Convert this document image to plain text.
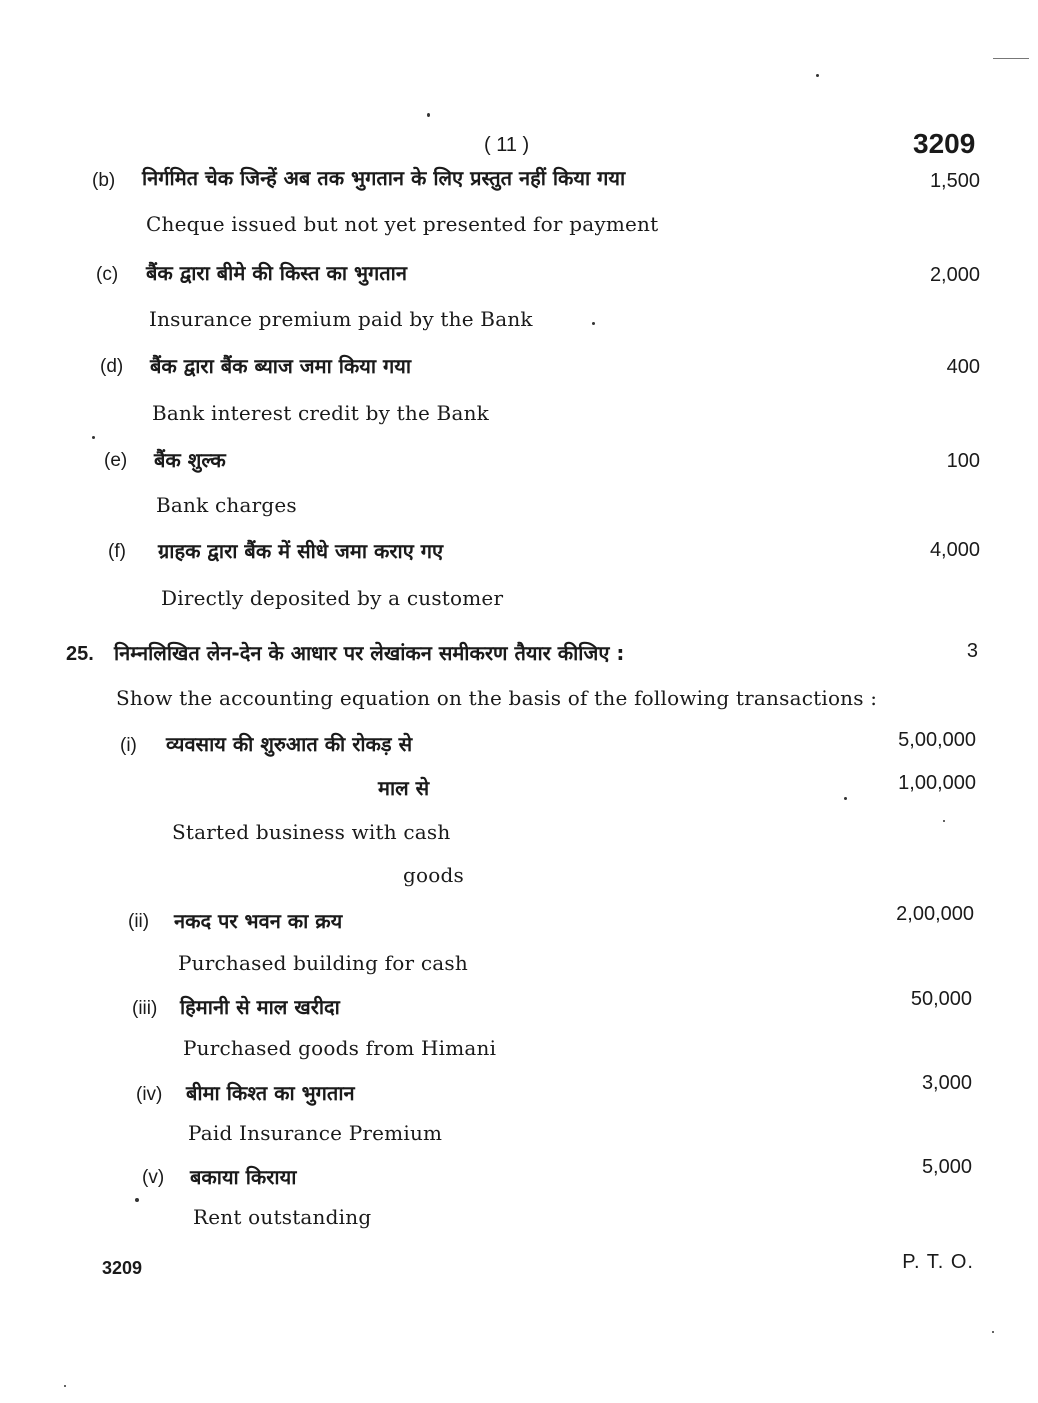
( 11 )	3209
(b) निर्गमित चेक जिन्हें अब तक भुगतान के लिए प्रस्तुत नहीं किया गया	1,500
Cheque issued but not yet presented for payment
(c) बैंक द्वारा बीमे की किस्त का भुगतान	2,000
Insurance premium paid by the Bank
(d) बैंक द्वारा बैंक ब्याज जमा किया गया	400
Bank interest credit by the Bank
(e) बैंक शुल्क	100
Bank charges
(f) ग्राहक द्वारा बैंक में सीधे जमा कराए गए	4,000
Directly deposited by a customer
25. निम्नलिखित लेन-देन के आधार पर लेखांकन समीकरण तैयार कीजिए :	3
Show the accounting equation on the basis of the following transactions :
(i) व्यवसाय की शुरुआत की रोकड़ से	5,00,000
माल से	1,00,000
Started business with cash
goods
(ii) नकद पर भवन का क्रय	2,00,000
Purchased building for cash
(iii) हिमानी से माल खरीदा	50,000
Purchased goods from Himani
(iv) बीमा किश्त का भुगतान	3,000
Paid Insurance Premium
(v) बकाया किराया	5,000
Rent outstanding
3209	P. T. O.
